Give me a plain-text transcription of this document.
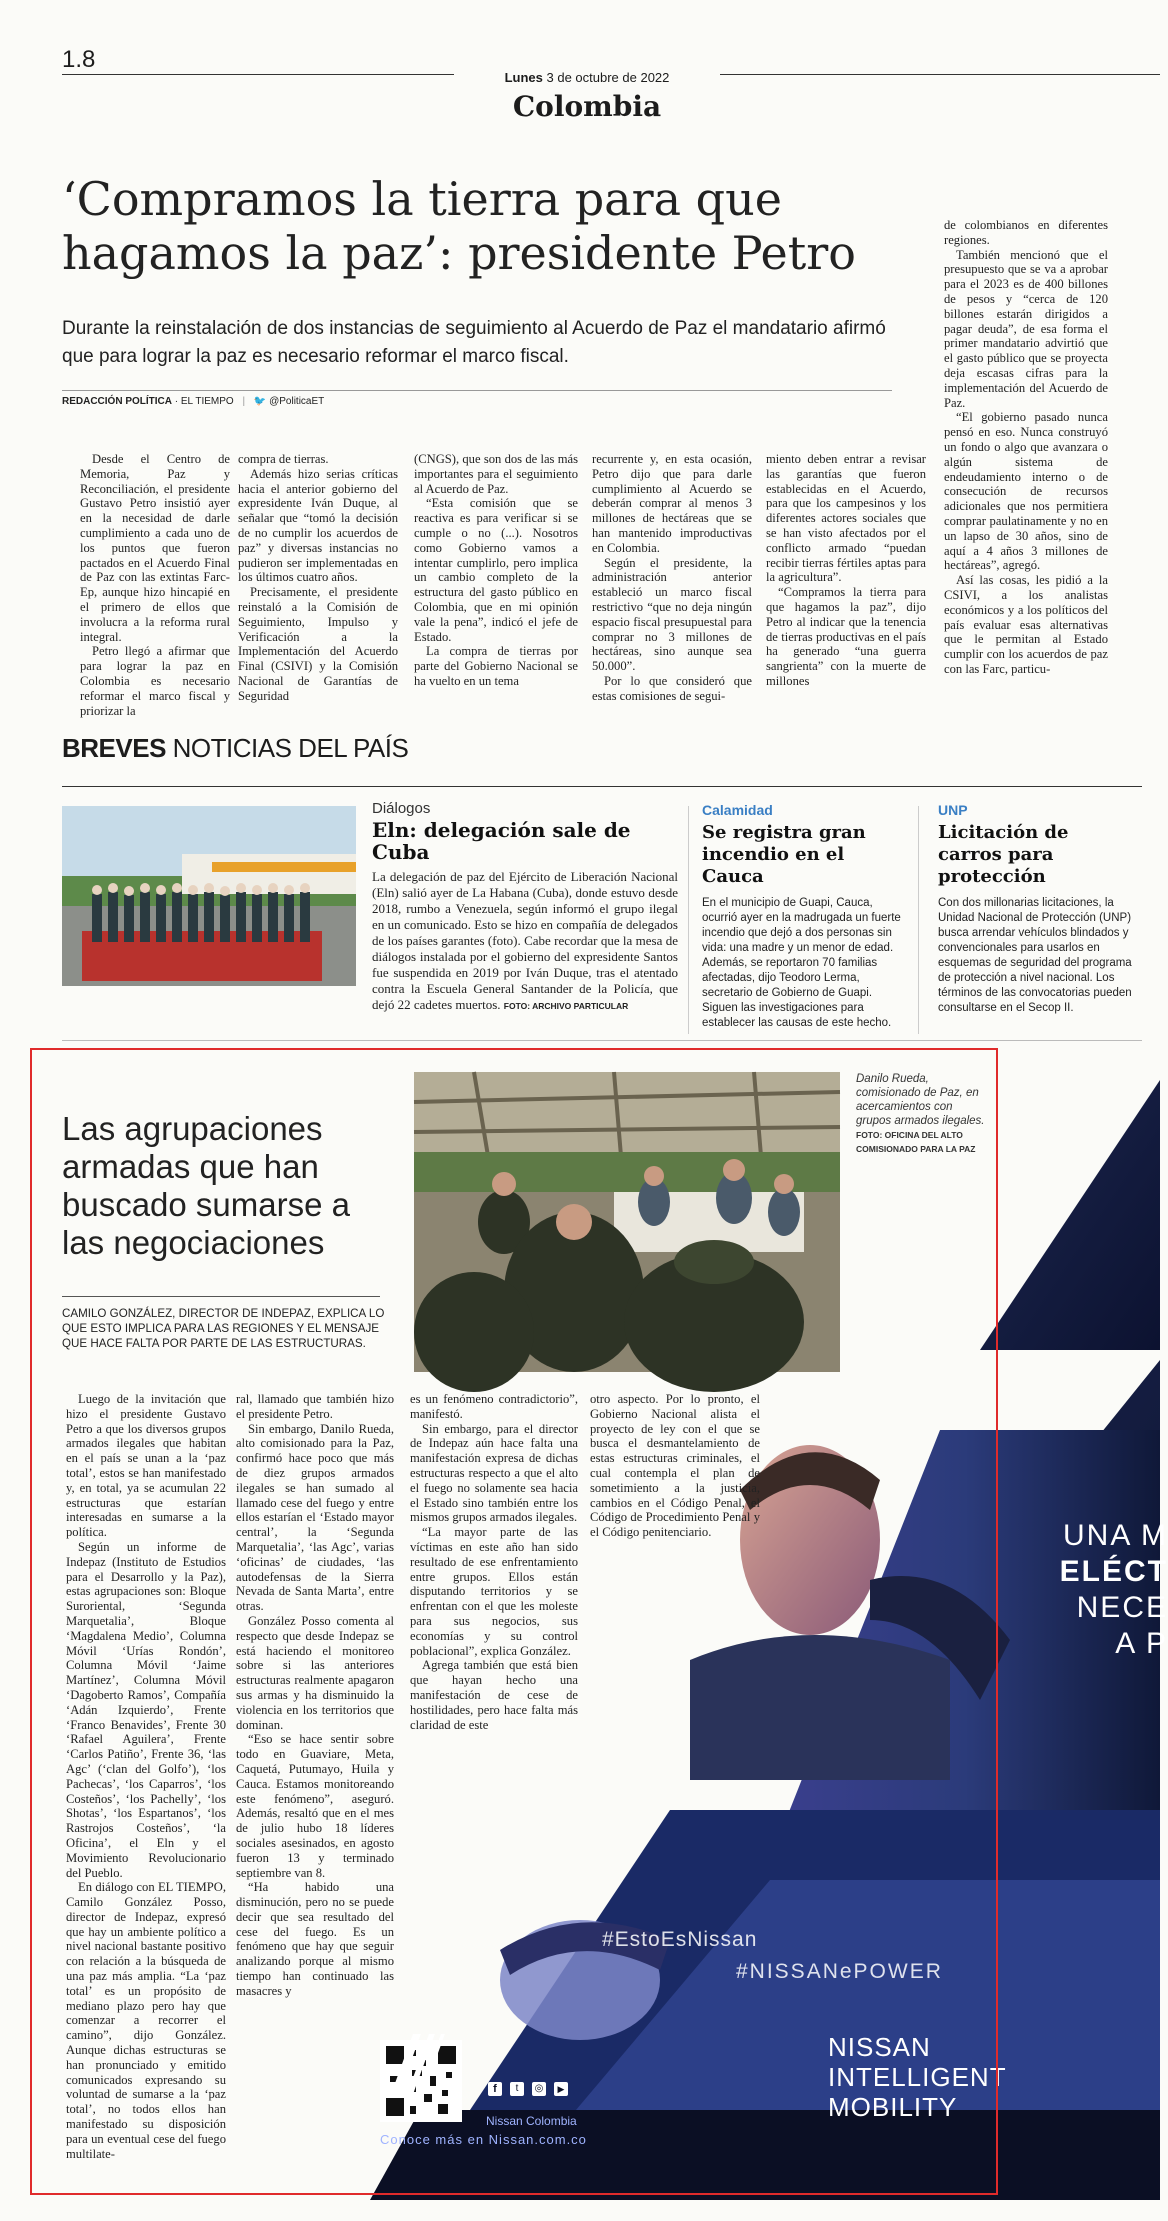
1.8
Lunes 3 de octubre de 2022
Colombia
‘Compramos la tierra para que hagamos la paz’: presidente Petro
Durante la reinstalación de dos instancias de seguimiento al Acuerdo de Paz el mandatario afirmó que para lograr la paz es necesario reformar el marco fiscal.
REDACCIÓN POLÍTICA · EL TIEMPO | 🐦 @PoliticaET

Desde el Centro de Memoria, Paz y Reconciliación, el presidente Gustavo Petro insistió ayer en la necesidad de darle cumplimiento a cada uno de los puntos que fueron pactados en el Acuerdo Final de Paz con las extintas Farc-Ep, aunque hizo hincapié en el primero de ellos que involucra a la reforma rural integral.

Petro llegó a afirmar que para lograr la paz en Colombia es necesario reformar el marco fiscal y priorizar la

compra de tierras.

Además hizo serias críticas hacia el anterior gobierno del expresidente Iván Duque, al señalar que “tomó la decisión de no cumplir los acuerdos de paz” y diversas instancias no pudieron ser implementadas en los últimos cuatro años.

Precisamente, el presidente reinstaló a la Comisión de Seguimiento, Impulso y Verificación a la Implementación del Acuerdo Final (CSIVI) y la Comisión Nacional de Garantías de Seguridad

(CNGS), que son dos de las más importantes para el seguimiento al Acuerdo de Paz.

“Esta comisión que se reactiva es para verificar si se cumple o no (...). Nosotros como Gobierno vamos a intentar cumplirlo, pero implica un cambio completo de la estructura del gasto público en Colombia, que en mi opinión vale la pena”, indicó el jefe de Estado.

La compra de tierras por parte del Gobierno Nacional se ha vuelto en un tema

recurrente y, en esta ocasión, Petro dijo que para darle cumplimiento al Acuerdo se deberán comprar al menos 3 millones de hectáreas que se han mantenido improductivas en Colombia.

Según el presidente, la administración anterior estableció un marco fiscal restrictivo “que no deja ningún espacio fiscal presupuestal para comprar no 3 millones de hectáreas, sino aunque sea 50.000”.

Por lo que consideró que estas comisiones de segui-

miento deben entrar a revisar las garantías que fueron establecidas en el Acuerdo, para que los campesinos y los diferentes actores sociales que se han visto afectados por el conflicto armado “puedan recibir tierras fértiles aptas para la agricultura”.

“Compramos la tierra para que hagamos la paz”, dijo Petro al indicar que la tenencia de tierras productivas en el país ha generado “una guerra sangrienta” con la muerte de millones

de colombianos en diferentes regiones.

También mencionó que el presupuesto que se va a aprobar para el 2023 es de 400 billones de pesos y “cerca de 120 billones estarán dirigidos a pagar deuda”, de esa forma el primer mandatario advirtió que el gasto público que se proyecta deja escasas cifras para la implementación del Acuerdo de Paz.

“El gobierno pasado nunca pensó en eso. Nunca construyó un fondo o algo que avanzara o algún sistema de endeudamiento interno o de consecución de recursos adicionales que nos permitiera comprar paulatinamente y no en un lapso de 30 años, sino de aquí a 4 años 3 millones de hectáreas”, agregó.

Así las cosas, les pidió a la CSIVI, a los analistas económicos y a los políticos del país evaluar esas alternativas que le permitan al Estado cumplir con los acuerdos de paz con las Farc, particu-

BREVES NOTICIAS DEL PAÍS
Diálogos
Eln: delegación sale de Cuba
La delegación de paz del Ejército de Liberación Nacional (Eln) salió ayer de La Habana (Cuba), donde estuvo desde 2018, rumbo a Venezuela, según informó el grupo ilegal en un comunicado. Esto se hizo en compañía de delegados de los países garantes (foto). Cabe recordar que la mesa de diálogos instalada por el gobierno del expresidente Santos fue suspendida en 2019 por Iván Duque, tras el atentado contra la Escuela General Santander de la Policía, que dejó 22 cadetes muertos. FOTO: ARCHIVO PARTICULAR
Calamidad
Se registra gran incendio en el Cauca
En el municipio de Guapi, Cauca, ocurrió ayer en la madrugada un fuerte incendio que dejó a dos personas sin vida: una madre y un menor de edad. Además, se reportaron 70 familias afectadas, dijo Teodoro Lerma, secretario de Gobierno de Guapi. Siguen las investigaciones para establecer las causas de este hecho.
UNP
Licitación de carros para protección
Con dos millonarias licitaciones, la Unidad Nacional de Protección (UNP) busca arrendar vehículos blindados y convencionales para usarlos en esquemas de seguridad del programa de protección a nivel nacional. Los términos de las convocatorias pueden consultarse en el Secop II.
UNA M
ELÉCT
NECE
A P
#EstoEsNissan
#NISSANePOWER
NISSAN
INTELLIGENT
MOBILITY
f	t	◎	▶
Nissan Colombia
Conoce más en Nissan.com.co
Las agrupaciones armadas que han buscado sumarse a las negociaciones
CAMILO GONZÁLEZ, DIRECTOR DE INDEPAZ, EXPLICA LO QUE ESTO IMPLICA PARA LAS REGIONES Y EL MENSAJE QUE HACE FALTA POR PARTE DE LAS ESTRUCTURAS.
Danilo Rueda, comisionado de Paz, en acercamientos con grupos armados ilegales. FOTO: OFICINA DEL ALTO COMISIONADO PARA LA PAZ

Luego de la invitación que hizo el presidente Gustavo Petro a que los diversos grupos armados ilegales que habitan en el país se unan a la ‘paz total’, estos se han manifestado y, en total, ya se acumulan 22 estructuras que estarían interesadas en sumarse a la política.

Según un informe de Indepaz (Instituto de Estudios para el Desarrollo y la Paz), estas agrupaciones son: Bloque Suroriental, ‘Segunda Marquetalia’, Bloque ‘Magdalena Medio’, Columna Móvil ‘Urías Rondón’, Columna Móvil ‘Jaime Martínez’, Columna Móvil ‘Dagoberto Ramos’, Compañía ‘Adán Izquierdo’, Frente ‘Franco Benavides’, Frente 30 ‘Rafael Aguilera’, Frente ‘Carlos Patiño’, Frente 36, ‘las Agc’ (‘clan del Golfo’), ‘los Pachecas’, ‘los Caparros’, ‘los Costeños’, ‘los Pachelly’, ‘los Shotas’, ‘los Espartanos’, ‘los Rastrojos Costeños’, ‘la Oficina’, el Eln y el Movimiento Revolucionario del Pueblo.

En diálogo con EL TIEMPO, Camilo González Posso, director de Indepaz, expresó que hay un ambiente político a nivel nacional bastante positivo con relación a la búsqueda de una paz más amplia. “La ‘paz total’ es un propósito de mediano plazo pero hay que comenzar a recorrer el camino”, dijo González. Aunque dichas estructuras se han pronunciado y emitido comunicados expresando su voluntad de sumarse a la ‘paz total’, no todos ellos han manifestado su disposición para un eventual cese del fuego multilate-

ral, llamado que también hizo el presidente Petro.

Sin embargo, Danilo Rueda, alto comisionado para la Paz, confirmó hace poco que más de diez grupos armados ilegales se han sumado al llamado cese del fuego y entre ellos estarían el ‘Estado mayor central’, la ‘Segunda Marquetalia’, ‘las Agc’, varias ‘oficinas’ de ciudades, ‘las autodefensas de la Sierra Nevada de Santa Marta’, entre otras.

González Posso comenta al respecto que desde Indepaz se está haciendo el monitoreo sobre si las anteriores estructuras realmente apagaron sus armas y ha disminuido la violencia en los territorios que dominan.

“Eso se hace sentir sobre todo en Guaviare, Meta, Caquetá, Putumayo, Huila y Cauca. Estamos monitoreando este fenómeno”, aseguró. Además, resaltó que en el mes de julio hubo 18 líderes sociales asesinados, en agosto fueron 13 y terminado septiembre van 8.

“Ha habido una disminución, pero no se puede decir que sea resultado del cese del fuego. Es un fenómeno que hay que seguir analizando porque al mismo tiempo han continuado las masacres y

es un fenómeno contradictorio”, manifestó.

Sin embargo, para el director de Indepaz aún hace falta una manifestación expresa de dichas estructuras respecto a que el alto el fuego no solamente sea hacia el Estado sino también entre los mismos grupos armados ilegales.

“La mayor parte de las víctimas en este año han sido resultado de ese enfrentamiento entre grupos. Ellos están disputando territorios y se enfrentan con el que les moleste para sus negocios, sus economías y su control poblacional”, explica González.

Agrega también que está bien que hayan hecho una manifestación de cese de hostilidades, pero hace falta más claridad de este

otro aspecto. Por lo pronto, el Gobierno Nacional alista el proyecto de ley con el que se busca el desmantelamiento de estas estructuras criminales, el cual contempla el plan de sometimiento a la justicia, cambios en el Código Penal, el Código de Procedimiento Penal y el Código penitenciario.
